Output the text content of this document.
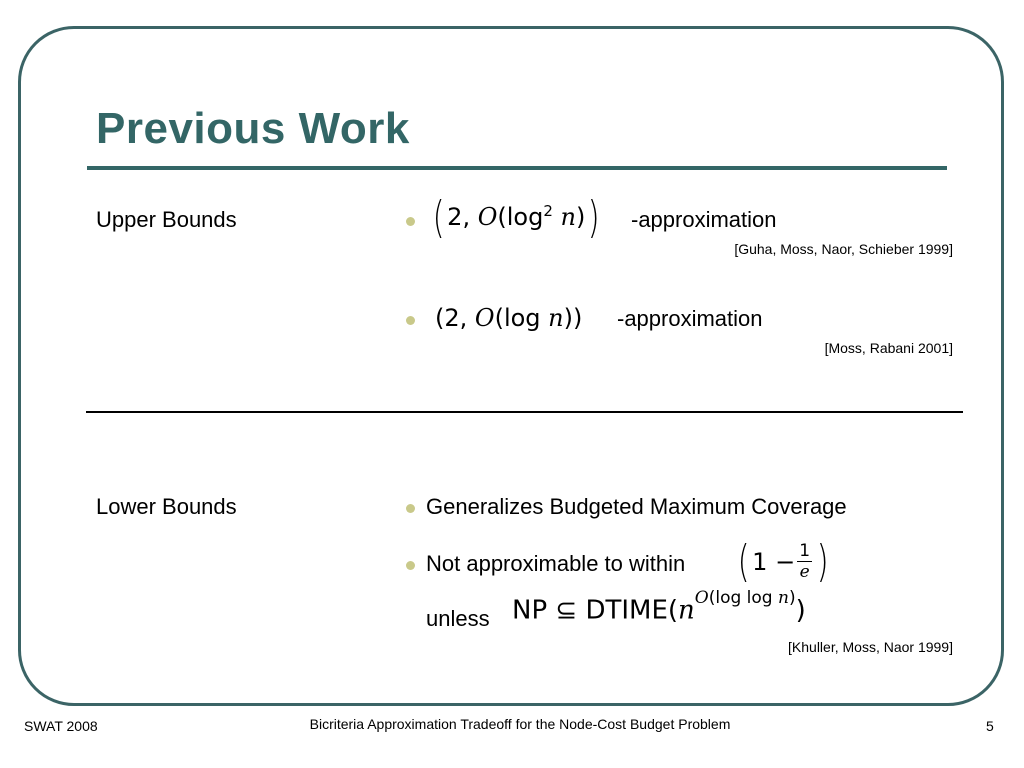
Previous Work
Upper Bounds	( 2, $O(\log^2$ n)) -approximation
[Guha, Moss, Naor, Schieber 1999]
(2, O(log n)) -approximation
[Moss, Rabani 2001]
Lower Bounds	Generalizes Budgeted Maximum Coverage
Not approximable to within ( $1 - \frac{1}{e}$ )
unless NP ⊆ $DTIME(n^{O(log log n)})$
[Khuller, Moss, Naor 1999]
SWAT 2008	Bicriteria Approximation Tradeoff for the Node-Cost Budget Problem	5
